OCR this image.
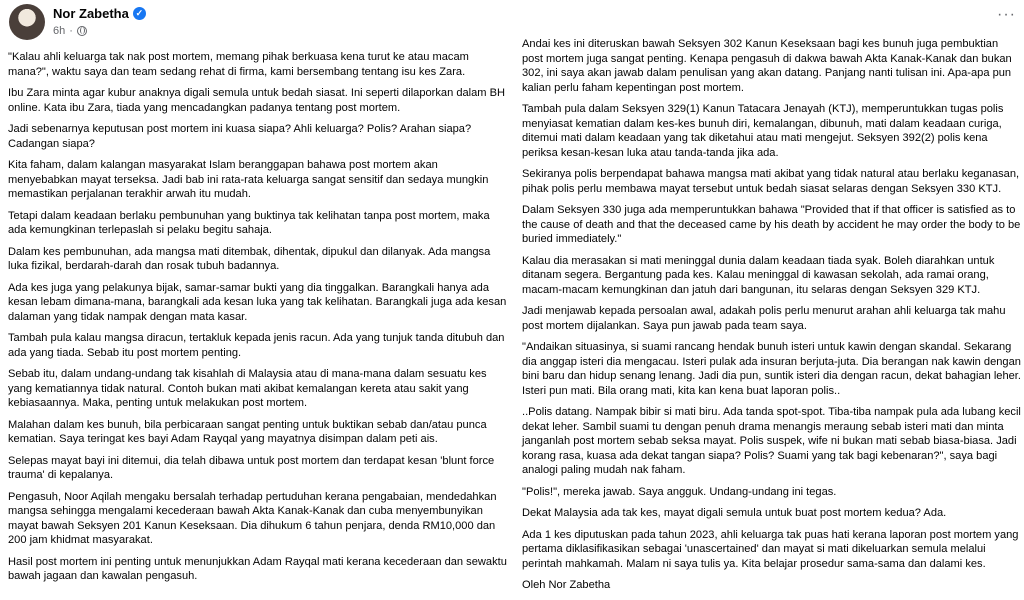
Nor Zabetha ✓
6h ·
···

"Kalau ahli keluarga tak nak post mortem, memang pihak berkuasa kena turut ke atau macam mana?", waktu saya dan team sedang rehat di firma, kami bersembang tentang isu kes Zara.

Ibu Zara minta agar kubur anaknya digali semula untuk bedah siasat. Ini seperti dilaporkan dalam BH online. Kata ibu Zara, tiada yang mencadangkan padanya tentang post mortem.

Jadi sebenarnya keputusan post mortem ini kuasa siapa? Ahli keluarga? Polis? Arahan siapa? Cadangan siapa?

Kita faham, dalam kalangan masyarakat Islam beranggapan bahawa post mortem akan menyebabkan mayat terseksa. Jadi bab ini rata-rata keluarga sangat sensitif dan sedaya mungkin memastikan perjalanan terakhir arwah itu mudah.

Tetapi dalam keadaan berlaku pembunuhan yang buktinya tak kelihatan tanpa post mortem, maka ada kemungkinan terlepaslah si pelaku begitu sahaja.

Dalam kes pembunuhan, ada mangsa mati ditembak, dihentak, dipukul dan dilanyak. Ada mangsa luka fizikal, berdarah-darah dan rosak tubuh badannya.

Ada kes juga yang pelakunya bijak, samar-samar bukti yang dia tinggalkan. Barangkali hanya ada kesan lebam dimana-mana, barangkali ada kesan luka yang tak kelihatan. Barangkali juga ada kesan dalaman yang tidak nampak dengan mata kasar.

Tambah pula kalau mangsa diracun, tertakluk kepada jenis racun. Ada yang tunjuk tanda ditubuh dan ada yang tiada. Sebab itu post mortem penting.

Sebab itu, dalam undang-undang tak kisahlah di Malaysia atau di mana-mana dalam sesuatu kes yang kematiannya tidak natural. Contoh bukan mati akibat kemalangan kereta atau sakit yang kebiasaannya. Maka, penting untuk melakukan post mortem.

Malahan dalam kes bunuh, bila perbicaraan sangat penting untuk buktikan sebab dan/atau punca kematian. Saya teringat kes bayi Adam Rayqal yang mayatnya disimpan dalam peti ais.

Selepas mayat bayi ini ditemui, dia telah dibawa untuk post mortem dan terdapat kesan 'blunt force trauma' di kepalanya.

Pengasuh, Noor Aqilah mengaku bersalah terhadap pertuduhan kerana pengabaian, mendedahkan mangsa sehingga mengalami kecederaan bawah Akta Kanak-Kanak dan cuba menyembunyikan mayat bawah Seksyen 201 Kanun Keseksaan. Dia dihukum 6 tahun penjara, denda RM10,000 dan 200 jam khidmat masyarakat.

Hasil post mortem ini penting untuk menunjukkan Adam Rayqal mati kerana kecederaan dan sewaktu bawah jagaan dan kawalan pengasuh.

Andai kes ini diteruskan bawah Seksyen 302 Kanun Keseksaan bagi kes bunuh juga pembuktian post mortem juga sangat penting. Kenapa pengasuh di dakwa bawah Akta Kanak-Kanak dan bukan 302, ini saya akan jawab dalam penulisan yang akan datang. Panjang nanti tulisan ini. Apa-apa pun kalian perlu faham kepentingan post mortem.

Tambah pula dalam Seksyen 329(1) Kanun Tatacara Jenayah (KTJ), memperuntukkan tugas polis menyiasat kematian dalam kes-kes bunuh diri, kemalangan, dibunuh, mati dalam keadaan curiga, ditemui mati dalam keadaan yang tak diketahui atau mati mengejut. Seksyen 392(2) polis kena periksa kesan-kesan luka atau tanda-tanda jika ada.

Sekiranya polis berpendapat bahawa mangsa mati akibat yang tidak natural atau berlaku keganasan, pihak polis perlu membawa mayat tersebut untuk bedah siasat selaras dengan Seksyen 330 KTJ.

Dalam Seksyen 330 juga ada memperuntukkan bahawa "Provided that if that officer is satisfied as to the cause of death and that the deceased came by his death by accident he may order the body to be buried immediately."

Kalau dia merasakan si mati meninggal dunia dalam keadaan tiada syak. Boleh diarahkan untuk ditanam segera. Bergantung pada kes. Kalau meninggal di kawasan sekolah, ada ramai orang, macam-macam kemungkinan dan jatuh dari bangunan, itu selaras dengan Seksyen 329 KTJ.

Jadi menjawab kepada persoalan awal, adakah polis perlu menurut arahan ahli keluarga tak mahu post mortem dijalankan. Saya pun jawab pada team saya.

"Andaikan situasinya, si suami rancang hendak bunuh isteri untuk kawin dengan skandal. Sekarang dia anggap isteri dia mengacau. Isteri pulak ada insuran berjuta-juta. Dia berangan nak kawin dengan bini baru dan hidup senang lenang. Jadi dia pun, suntik isteri dia dengan racun, dekat bahagian leher. Isteri pun mati. Bila orang mati, kita kan kena buat laporan polis..

..Polis datang. Nampak bibir si mati biru. Ada tanda spot-spot. Tiba-tiba nampak pula ada lubang kecil dekat leher. Sambil suami tu dengan penuh drama menangis meraung sebab isteri mati dan minta janganlah post mortem sebab seksa mayat. Polis suspek, wife ni bukan mati sebab biasa-biasa. Jadi korang rasa, kuasa ada dekat tangan siapa? Polis? Suami yang tak bagi kebenaran?", saya bagi analogi paling mudah nak faham.

"Polis!", mereka jawab. Saya angguk. Undang-undang ini tegas.

Dekat Malaysia ada tak kes, mayat digali semula untuk buat post mortem kedua? Ada.

Ada 1 kes diputuskan pada tahun 2023, ahli keluarga tak puas hati kerana laporan post mortem yang pertama diklasifikasikan sebagai 'unascertained' dan mayat si mati dikeluarkan semula melalui perintah mahkamah. Malam ni saya tulis ya. Kita belajar prosedur sama-sama dan dalami kes.

Oleh Nor Zabetha
